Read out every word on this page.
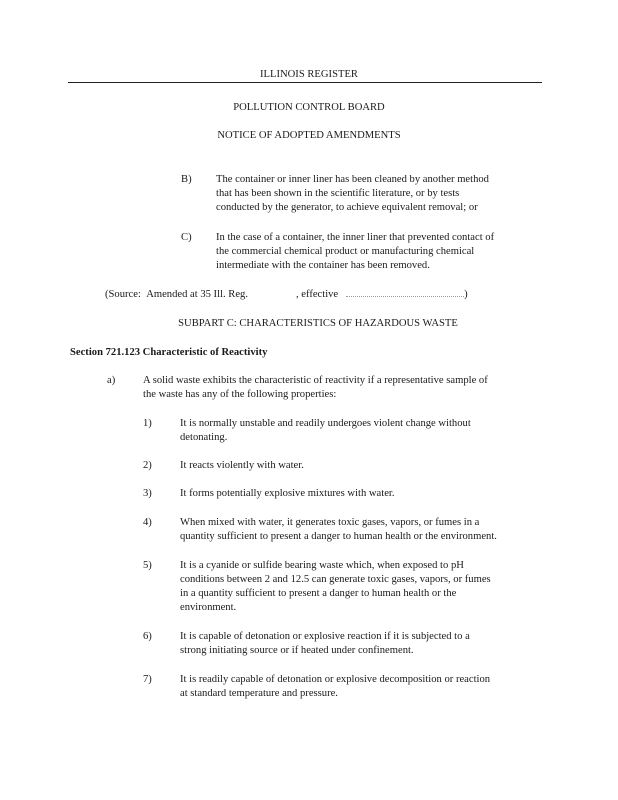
ILLINOIS REGISTER
POLLUTION CONTROL BOARD
NOTICE OF ADOPTED AMENDMENTS
B) The container or inner liner has been cleaned by another method
that has been shown in the scientific literature, or by tests
conducted by the generator, to achieve equivalent removal; or
C) In the case of a container, the inner liner that prevented contact of
the commercial chemical product or manufacturing chemical
intermediate with the container has been removed.
(Source: Amended at 35 Ill. Reg.	, effective	)
SUBPART C: CHARACTERISTICS OF HAZARDOUS WASTE
Section 721.123 Characteristic of Reactivity
a)	A solid waste exhibits the characteristic of reactivity if a representative sample of
the waste has any of the following properties:
1)	It is normally unstable and readily undergoes violent change without
detonating.
2)	It reacts violently with water.
3)	It forms potentially explosive mixtures with water.
4)	When mixed with water, it generates toxic gases, vapors, or fumes in a
quantity sufficient to present a danger to human health or the environment.
5)	It is a cyanide or sulfide bearing waste which, when exposed to pH
conditions between 2 and 12.5 can generate toxic gases, vapors, or fumes
in a quantity sufficient to present a danger to human health or the
environment.
6)	It is capable of detonation or explosive reaction if it is subjected to a
strong initiating source or if heated under confinement.
7)	It is readily capable of detonation or explosive decomposition or reaction
at standard temperature and pressure.
